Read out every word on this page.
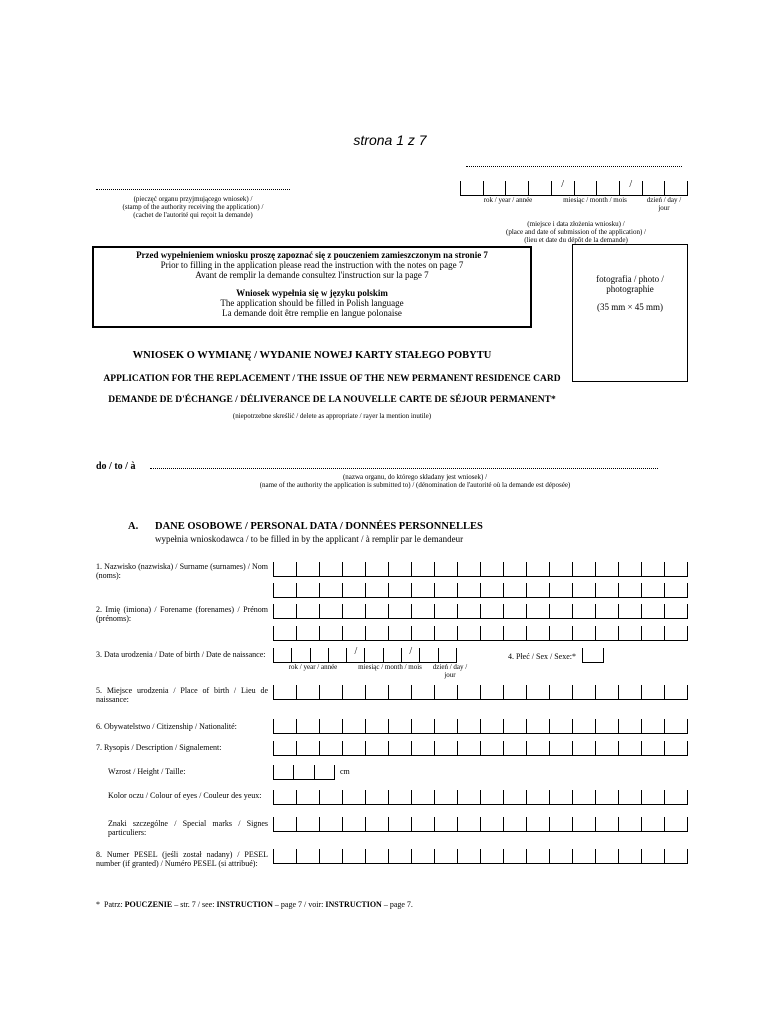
strona 1 z 7
/	/
rok / year / année	miesiąc / month / mois	dzień / day /
jour
(pieczęć organu przyjmującego wniosek) /
(stamp of the authority receiving the application) /
(cachet de l'autorité qui reçoit la demande)
(miejsce i data złożenia wniosku) /
(place and date of submission of the application) /
(lieu et date du dépôt de la demande)
Przed wypełnieniem wniosku proszę zapoznać się z pouczeniem zamieszczonym na stronie 7
Prior to filling in the application please read the instruction with the notes on page 7
Avant de remplir la demande consultez l'instruction sur la page 7
Wniosek wypełnia się w języku polskim
The application should be filled in Polish language
La demande doit être remplie en langue polonaise
fotografia / photo /
photographie
(35 mm × 45 mm)
WNIOSEK O WYMIANĘ / WYDANIE NOWEJ KARTY STAŁEGO POBYTU
APPLICATION FOR THE REPLACEMENT / THE ISSUE OF THE NEW PERMANENT RESIDENCE CARD
DEMANDE DE D'ÉCHANGE / DÉLIVERANCE DE LA NOUVELLE CARTE DE SÉJOUR PERMANENT*
(niepotrzebne skreślić / delete as appropriate / rayer la mention inutile)
do / to / à
(nazwa organu, do którego składany jest wniosek) /
(name of the authority the application is submitted to) / (dénomination de l'autorité où la demande est déposée)
A. DANE OSOBOWE / PERSONAL DATA / DONNÉES PERSONNELLES
wypełnia wnioskodawca / to be filled in by the applicant / à remplir par le demandeur
1. Nazwisko (nazwiska) / Surname (surnames) / Nom (noms):
2. Imię (imiona) / Forename (forenames) / Prénom (prénoms):
3. Data urodzenia / Date of birth / Date de naissance:	/	/
rok / year / année	miesiąc / month / mois	dzień / day /
jour
4. Płeć / Sex / Sexe:*
5. Miejsce urodzenia / Place of birth / Lieu de naissance:
6. Obywatelstwo / Citizenship / Nationalité:
7. Rysopis / Description / Signalement:
Wzrost / Height / Taille:	cm
Kolor oczu / Colour of eyes / Couleur des yeux:
Znaki szczególne / Special marks / Signes particuliers:
8. Numer PESEL (jeśli został nadany) / PESEL number (if granted) / Numéro PESEL (si attribué):
* Patrz: POUCZENIE – str. 7 / see: INSTRUCTION – page 7 / voir: INSTRUCTION – page 7.
